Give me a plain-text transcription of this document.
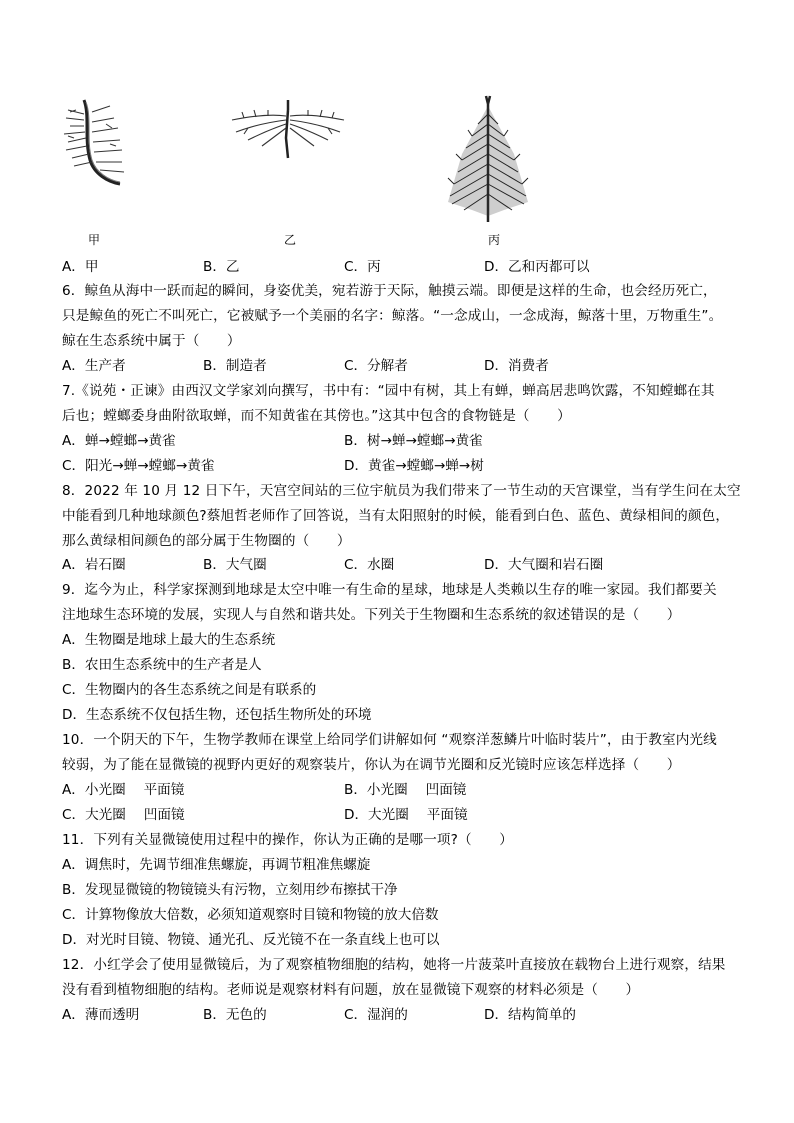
甲	乙	丙
A．甲	B．乙	C．丙	D．乙和丙都可以
6．鲸鱼从海中一跃而起的瞬间，身姿优美，宛若游于天际，触摸云端。即便是这样的生命，也会经历死亡，
只是鲸鱼的死亡不叫死亡，它被赋予一个美丽的名字：鲸落。“一念成山，一念成海，鲸落十里，万物重生”。
鲸在生态系统中属于（　　）
A．生产者	B．制造者	C．分解者	D．消费者
7.《说苑・正谏》由西汉文学家刘向撰写，书中有：“园中有树，其上有蝉，蝉高居悲鸣饮露，不知螳螂在其
后也；螳螂委身曲附欲取蝉，而不知黄雀在其傍也。”这其中包含的食物链是（　　）
A．蝉→螳螂→黄雀	B．树→蝉→螳螂→黄雀
C．阳光→蝉→螳螂→黄雀	D．黄雀→螳螂→蝉→树
8．2022 年 10 月 12 日下午，天宫空间站的三位宇航员为我们带来了一节生动的天宫课堂，当有学生问在太空
中能看到几种地球颜色?蔡旭哲老师作了回答说，当有太阳照射的时候，能看到白色、蓝色、黄绿相间的颜色，
那么黄绿相间颜色的部分属于生物圈的（　　）
A．岩石圈	B．大气圈	C．水圈	D．大气圈和岩石圈
9．迄今为止，科学家探测到地球是太空中唯一有生命的星球，地球是人类赖以生存的唯一家园。我们都要关
注地球生态环境的发展，实现人与自然和谐共处。下列关于生物圈和生态系统的叙述错误的是（　　）
A．生物圈是地球上最大的生态系统
B．农田生态系统中的生产者是人
C．生物圈内的各生态系统之间是有联系的
D．生态系统不仅包括生物，还包括生物所处的环境
10．一个阴天的下午，生物学教师在课堂上给同学们讲解如何 “观察洋葱鳞片叶临时装片”，由于教室内光线
较弱，为了能在显微镜的视野内更好的观察装片，你认为在调节光圈和反光镜时应该怎样选择（　　）
A．小光圈　 平面镜	B．小光圈　 凹面镜
C．大光圈　 凹面镜	D．大光圈　 平面镜
11．下列有关显微镜使用过程中的操作，你认为正确的是哪一项?（　　）
A．调焦时，先调节细准焦螺旋，再调节粗准焦螺旋
B．发现显微镜的物镜镜头有污物，立刻用纱布擦拭干净
C．计算物像放大倍数，必须知道观察时目镜和物镜的放大倍数
D．对光时目镜、物镜、通光孔、反光镜不在一条直线上也可以
12．小红学会了使用显微镜后，为了观察植物细胞的结构，她将一片菠菜叶直接放在载物台上进行观察，结果
没有看到植物细胞的结构。老师说是观察材料有问题，放在显微镜下观察的材料必须是（　　）
A．薄而透明	B．无色的	C．湿润的	D．结构简单的
